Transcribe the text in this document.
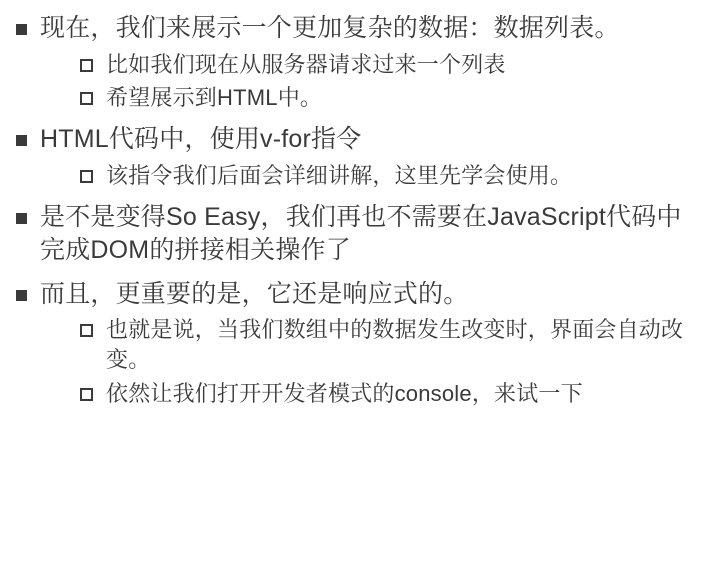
现在，我们来展示一个更加复杂的数据：数据列表。
比如我们现在从服务器请求过来一个列表
希望展示到HTML中。
HTML代码中，使用v-for指令
该指令我们后面会详细讲解，这里先学会使用。
是不是变得So Easy，我们再也不需要在JavaScript代码中完成DOM的拼接相关操作了
而且，更重要的是，它还是响应式的。
也就是说，当我们数组中的数据发生改变时，界面会自动改变。
依然让我们打开开发者模式的console，来试一下
